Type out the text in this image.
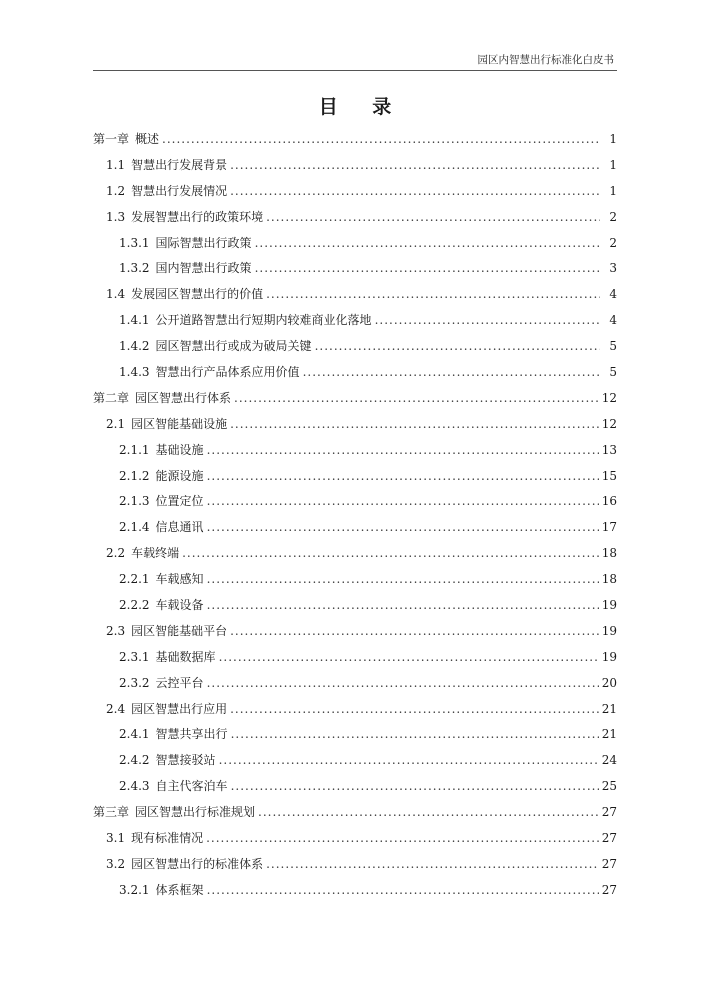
园区内智慧出行标准化白皮书
目 录
第一章 概述 .....	1
1.1 智慧出行发展背景 .....	1
1.2 智慧出行发展情况 .....	1
1.3 发展智慧出行的政策环境 .....	2
1.3.1 国际智慧出行政策 .....	2
1.3.2 国内智慧出行政策 .....	3
1.4 发展园区智慧出行的价值 .....	4
1.4.1 公开道路智慧出行短期内较难商业化落地 .....	4
1.4.2 园区智慧出行或成为破局关键 .....	5
1.4.3 智慧出行产品体系应用价值 .....	5
第二章 园区智慧出行体系 .....	12
2.1 园区智能基础设施 .....	12
2.1.1 基础设施 .....	13
2.1.2 能源设施 .....	15
2.1.3 位置定位 .....	16
2.1.4 信息通讯 .....	17
2.2 车载终端 .....	18
2.2.1 车载感知 .....	18
2.2.2 车载设备 .....	19
2.3 园区智能基础平台 .....	19
2.3.1 基础数据库 .....	19
2.3.2 云控平台 .....	20
2.4 园区智慧出行应用 .....	21
2.4.1 智慧共享出行 .....	21
2.4.2 智慧接驳站 .....	24
2.4.3 自主代客泊车 .....	25
第三章 园区智慧出行标准规划 .....	27
3.1 现有标准情况 .....	27
3.2 园区智慧出行的标准体系 .....	27
3.2.1 体系框架 .....	27
